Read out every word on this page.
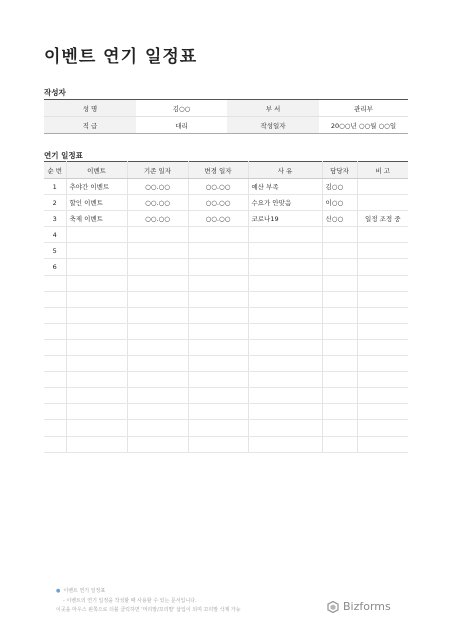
이벤트 연기 일정표
작성자
성 명	김○○	부 서	관리부
직 급	대리	작성일자	20○○년 ○○월 ○○일
연기 일정표
순 번	이벤트	기존 일자	변경 일자	사 유	담당자	비 고
1	추야간 이벤트	○○.○○	○○.○○	예산 부족	김○○	
2	할인 이벤트	○○.○○	○○.○○	수요가 안맞음	이○○	
3	축제 이벤트	○○.○○	○○.○○	코로나19	신○○	일정 조정 중
4						
5						
6						

● 이벤트 연기 일정표
- 이벤트의 연기 일정을 작성할 때 사용할 수 있는 문서입니다.
이곳을 마우스 왼쪽으로 더블 클릭하면 '머리말/꼬리말' 삽입이 되며 꼬리말 삭제 가능	Bizforms
